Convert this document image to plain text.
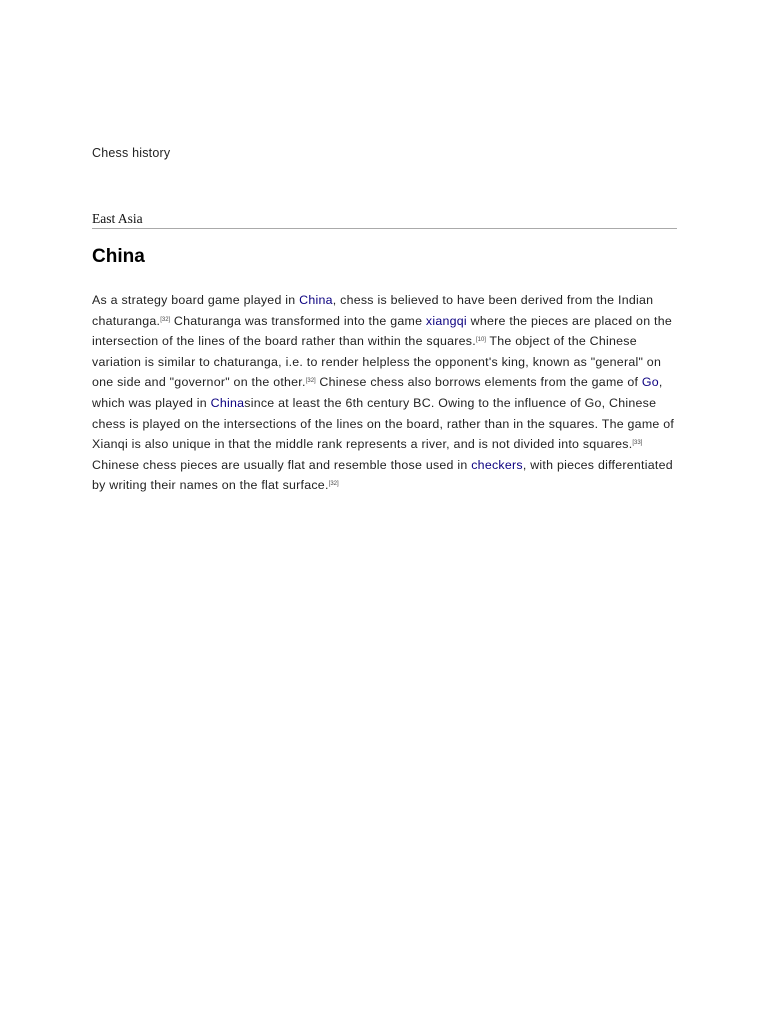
Chess history
East Asia
China

As a strategy board game played in China, chess is believed to have been derived from the Indian chaturanga.[32] Chaturanga was transformed into the game xiangqi where the pieces are placed on the intersection of the lines of the board rather than within the squares.[10] The object of the Chinese variation is similar to chaturanga, i.e. to render helpless the opponent's king, known as "general" on one side and "governor" on the other.[32] Chinese chess also borrows elements from the game of Go, which was played in Chinasince at least the 6th century BC. Owing to the influence of Go, Chinese chess is played on the intersections of the lines on the board, rather than in the squares. The game of Xianqi is also unique in that the middle rank represents a river, and is not divided into squares.[33] Chinese chess pieces are usually flat and resemble those used in checkers, with pieces differentiated by writing their names on the flat surface.[32]
